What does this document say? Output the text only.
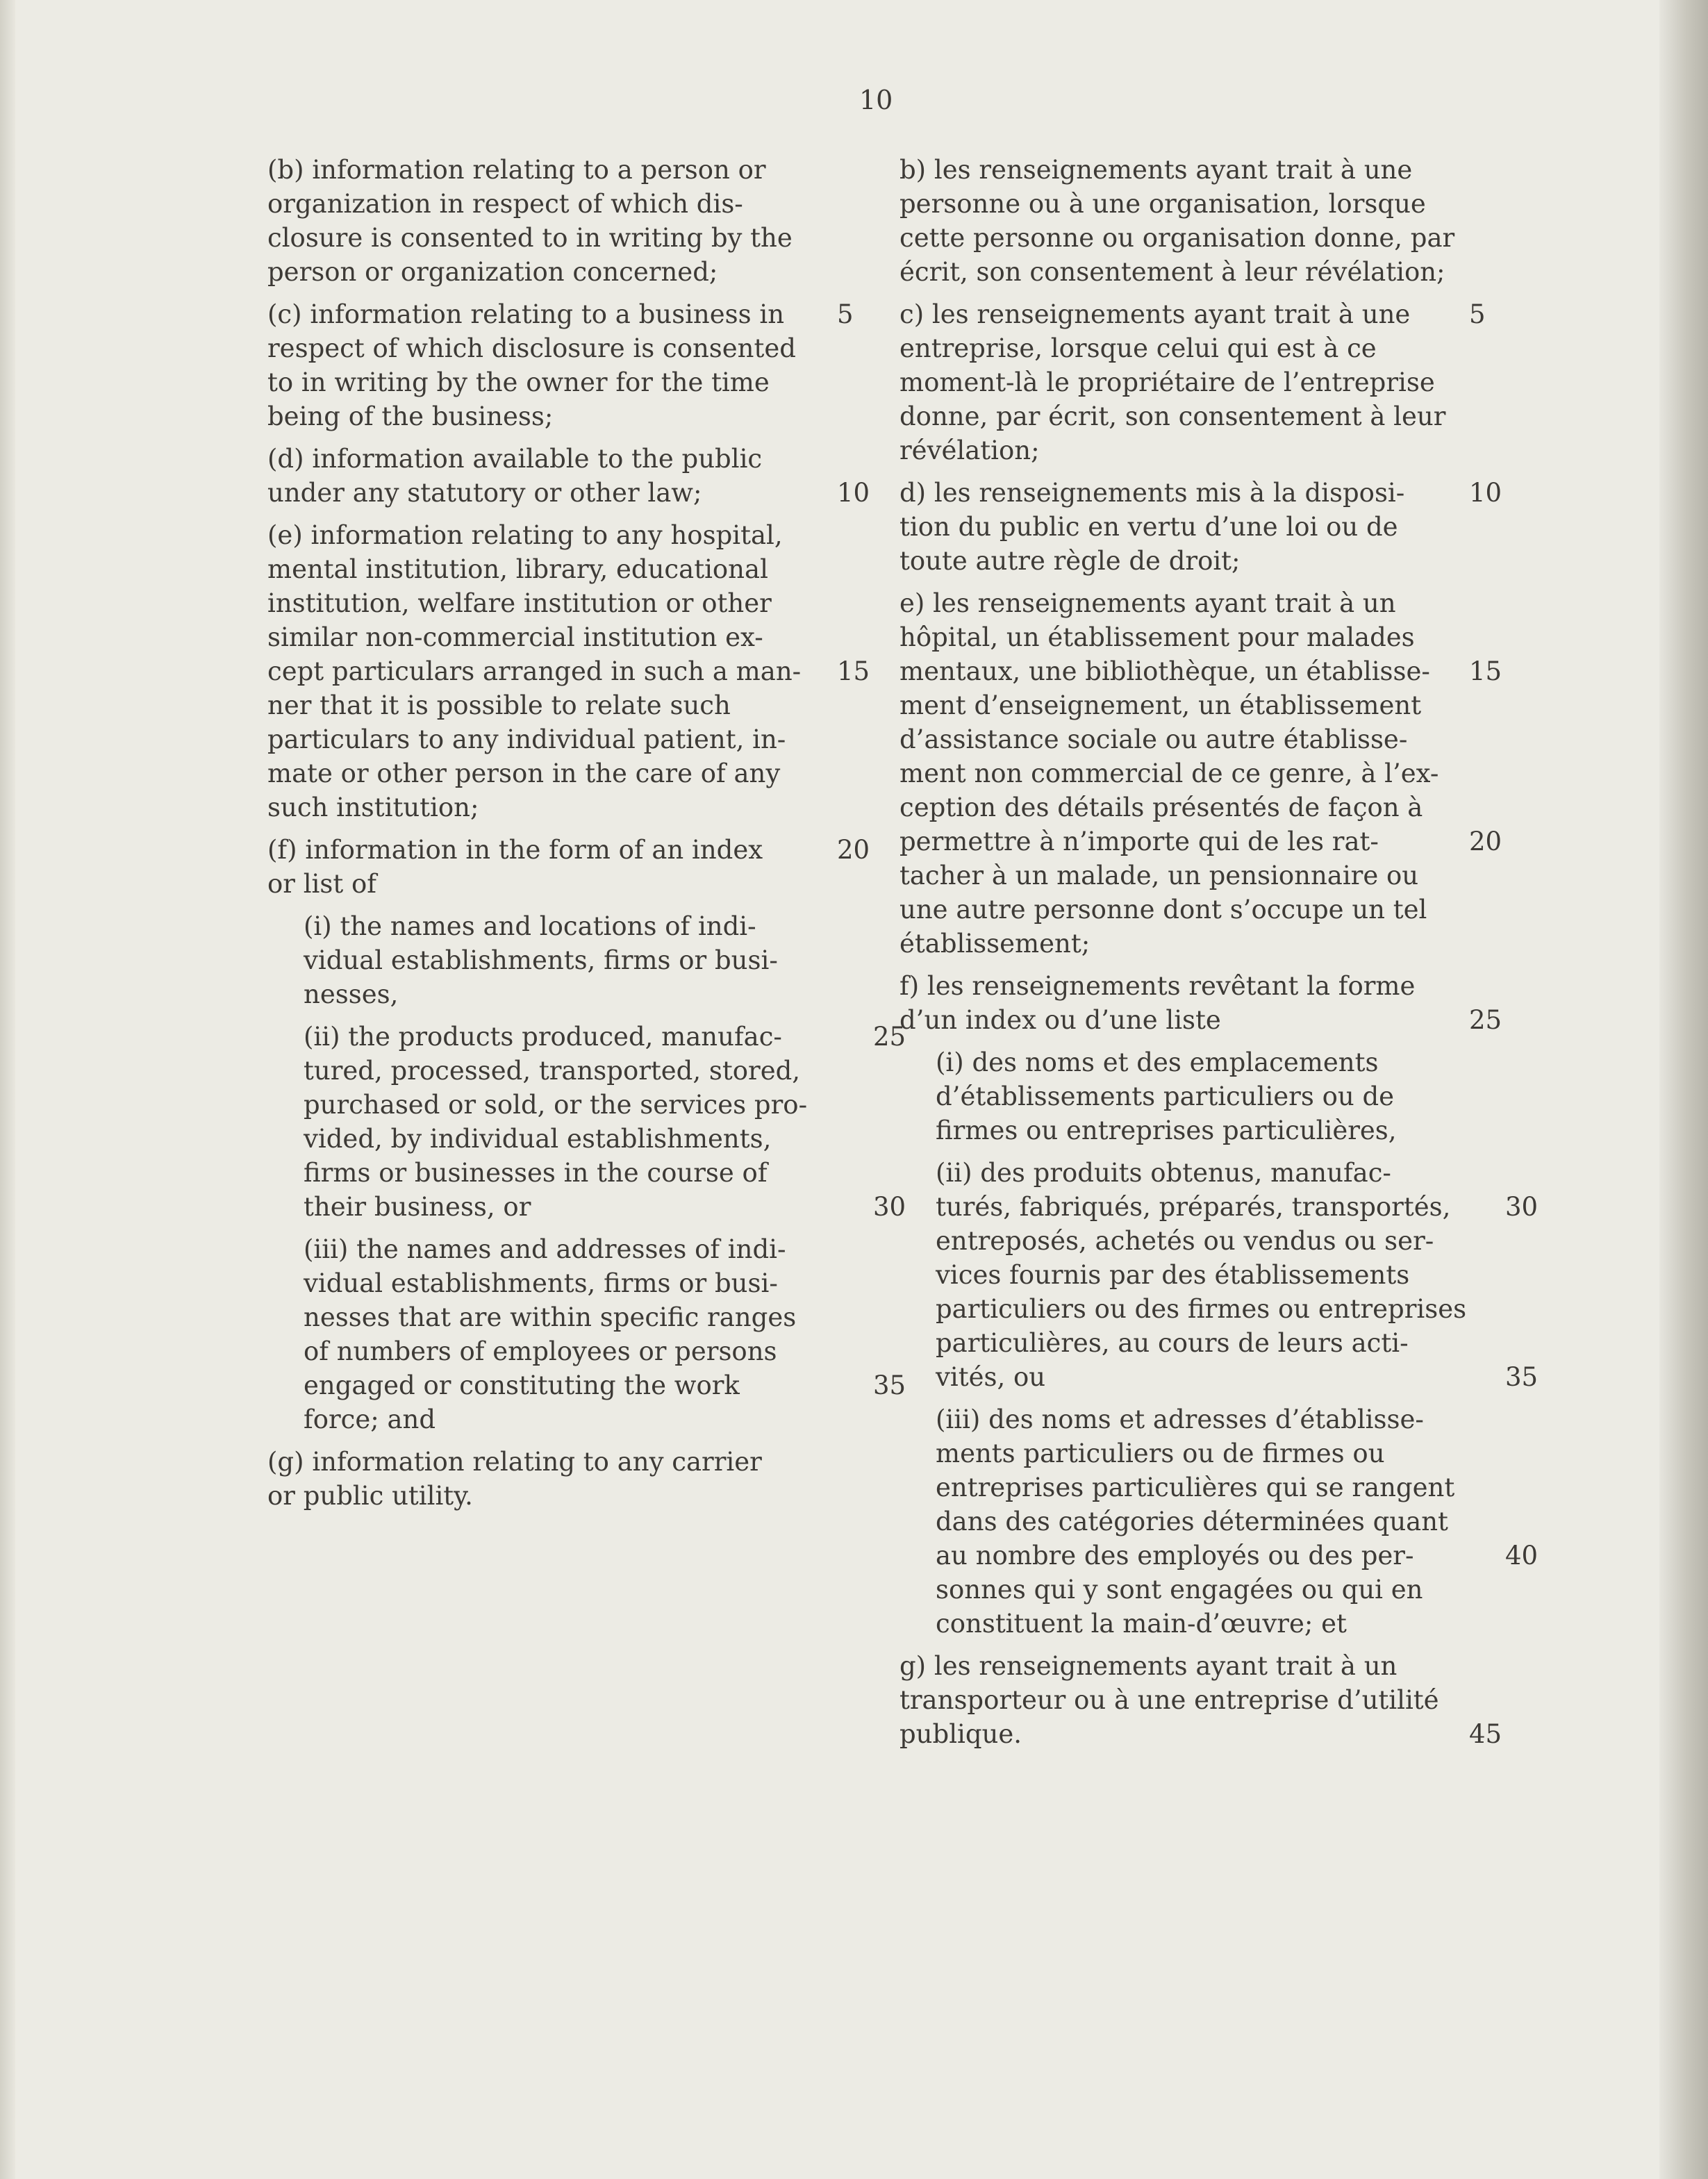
10
(b) information relating to a person or
organization in respect of which dis-
closure is consented to in writing by the
person or organization concerned;
(c) information relating to a business in 5
respect of which disclosure is consented
to in writing by the owner for the time
being of the business;
(d) information available to the public
under any statutory or other law;	10
(e) information relating to any hospital,
mental institution, library, educational
institution, welfare institution or other
similar non-commercial institution ex-
cept particulars arranged in such a man- 15
ner that it is possible to relate such
particulars to any individual patient, in-
mate or other person in the care of any
such institution;
(f) information in the form of an index	20
or list of
(i) the names and locations of indi-
vidual establishments, firms or busi-
nesses,
(ii) the products produced, manufac-	25
tured, processed, transported, stored,
purchased or sold, or the services pro-
vided, by individual establishments,
firms or businesses in the course of
their business, or	30
(iii) the names and addresses of indi-
vidual establishments, firms or busi-
nesses that are within specific ranges
of numbers of employees or persons
engaged or constituting the work	35
force; and
(g) information relating to any carrier
or public utility.
b) les renseignements ayant trait à une
personne ou à une organisation, lorsque
cette personne ou organisation donne, par
écrit, son consentement à leur révélation;
c) les renseignements ayant trait à une 5
entreprise, lorsque celui qui est à ce
moment-là le propriétaire de l’entreprise
donne, par écrit, son consentement à leur
révélation;
d) les renseignements mis à la disposi-	10
tion du public en vertu d’une loi ou de
toute autre règle de droit;
e) les renseignements ayant trait à un
hôpital, un établissement pour malades
mentaux, une bibliothèque, un établisse- 15
ment d’enseignement, un établissement
d’assistance sociale ou autre établisse-
ment non commercial de ce genre, à l’ex-
ception des détails présentés de façon à
permettre à n’importe qui de les rat-	20
tacher à un malade, un pensionnaire ou
une autre personne dont s’occupe un tel
établissement;
f) les renseignements revêtant la forme
d’un index ou d’une liste	25
(i) des noms et des emplacements
d’établissements particuliers ou de
firmes ou entreprises particulières,
(ii) des produits obtenus, manufac-
turés, fabriqués, préparés, transportés, 30
entreposés, achetés ou vendus ou ser-
vices fournis par des établissements
particuliers ou des firmes ou entreprises
particulières, au cours de leurs acti-
vités, ou	35
(iii) des noms et adresses d’établisse-
ments particuliers ou de firmes ou
entreprises particulières qui se rangent
dans des catégories déterminées quant
au nombre des employés ou des per-	40
sonnes qui y sont engagées ou qui en
constituent la main-d’œuvre; et
g) les renseignements ayant trait à un
transporteur ou à une entreprise d’utilité
publique.	45
